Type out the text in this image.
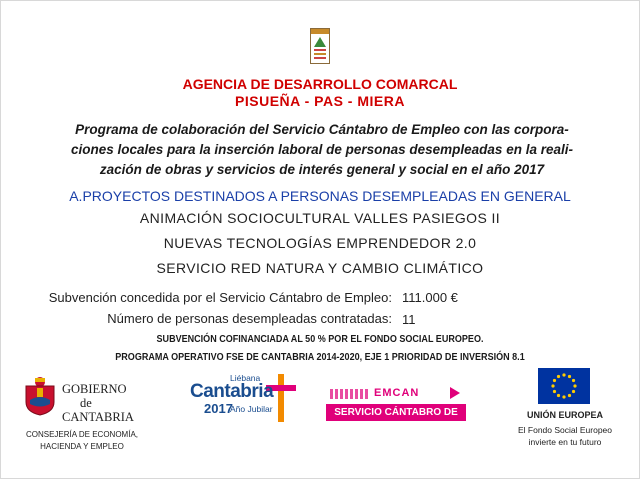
AGENCIA DE DESARROLLO COMARCAL
PISUEÑA - PAS - MIERA
Programa de colaboración del Servicio Cántabro de Empleo con las corpora-
ciones locales para la inserción laboral de personas desempleadas en la reali-
zación de obras y servicios de interés general y social en el año 2017
A.PROYECTOS DESTINADOS A PERSONAS DESEMPLEADAS EN GENERAL
ANIMACIÓN SOCIOCULTURAL VALLES PASIEGOS II
NUEVAS TECNOLOGÍAS EMPRENDEDOR 2.0
SERVICIO RED NATURA Y CAMBIO CLIMÁTICO
Subvención concedida por el Servicio Cántabro de Empleo: 111.000 €
Número de personas desempleadas contratadas: 11
SUBVENCIÓN COFINANCIADA AL 50 % POR EL FONDO SOCIAL EUROPEO.
PROGRAMA OPERATIVO FSE DE CANTABRIA 2014-2020, EJE 1 PRIORIDAD DE INVERSIÓN 8.1
GOBIERNO
de
CANTABRIA
CONSEJERÍA DE ECONOMÍA,
HACIENDA Y EMPLEO
Liébana
Cantabria
2017
Año Jubilar
EMCAN
SERVICIO CÁNTABRO DE EMPLEO
UNIÓN EUROPEA
El Fondo Social Europeo
invierte en tu futuro
